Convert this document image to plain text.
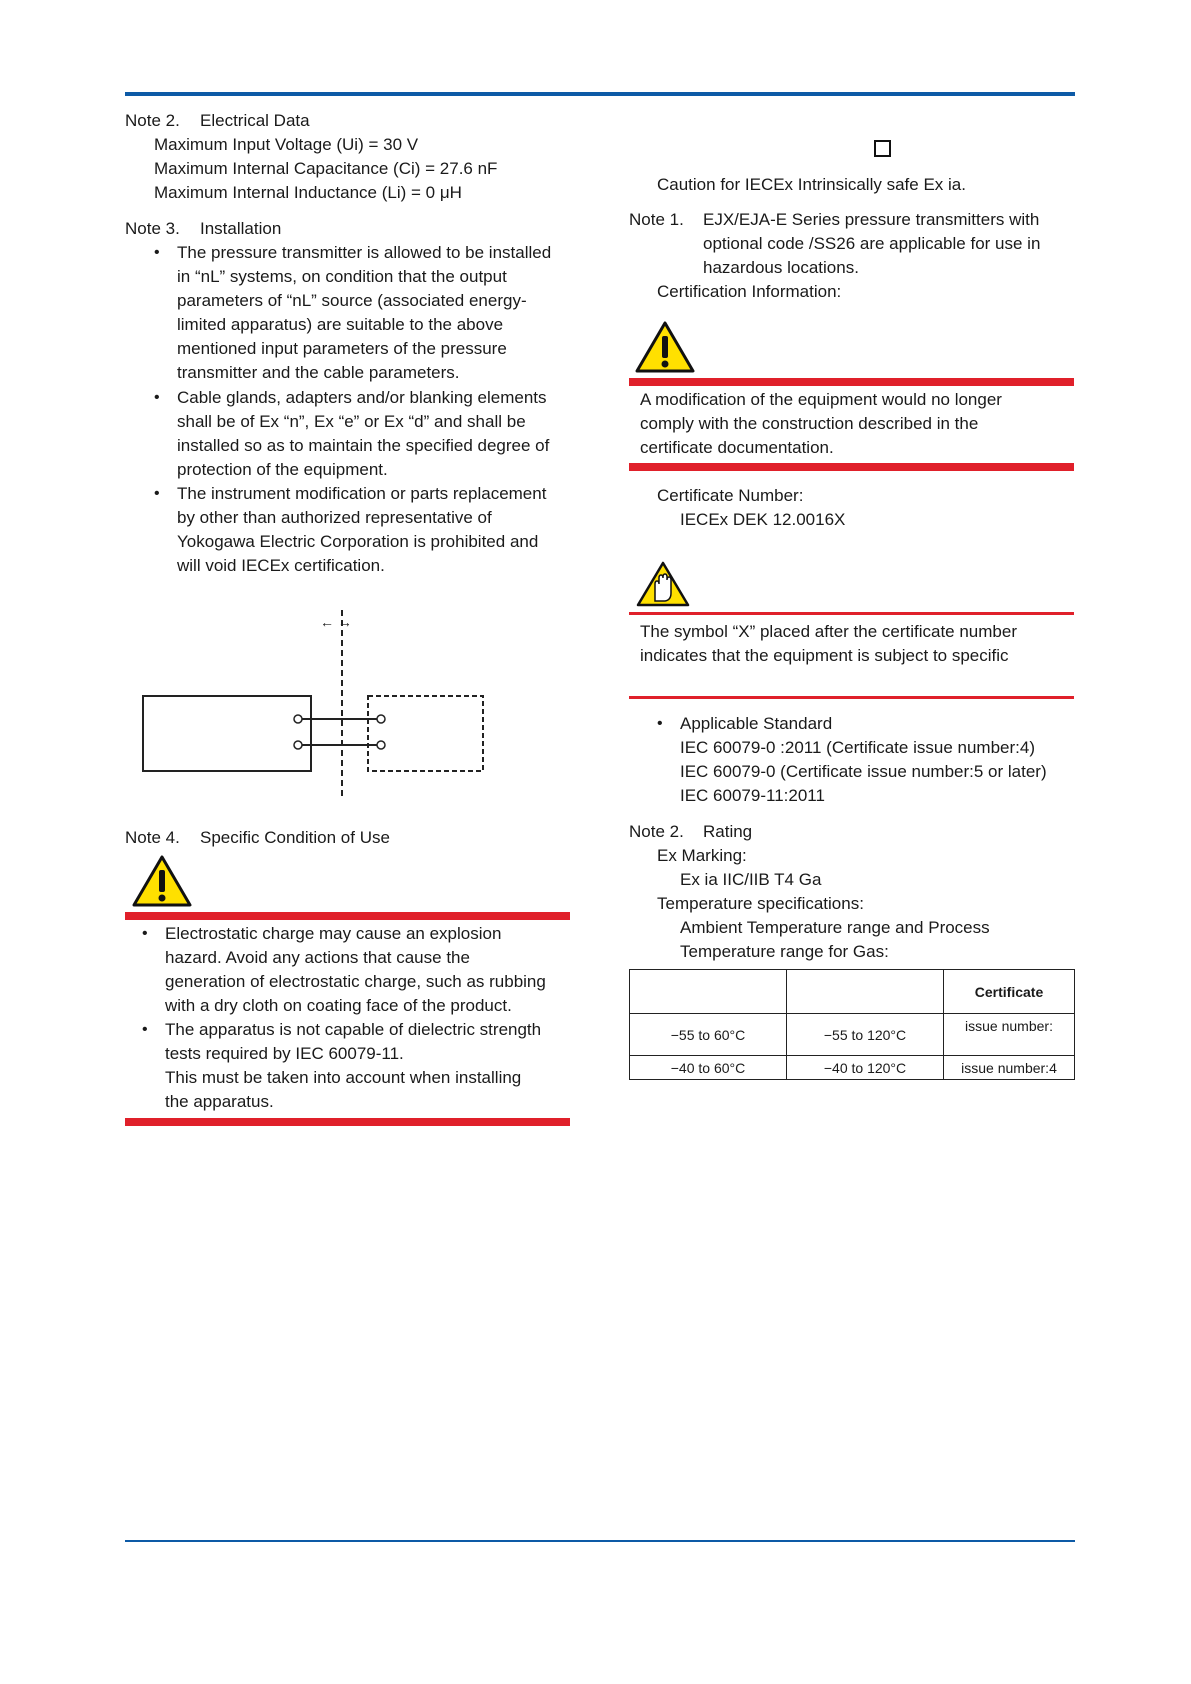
Note 2. Electrical Data
Maximum Input Voltage (Ui) = 30 V
Maximum Internal Capacitance (Ci) = 27.6 nF
Maximum Internal Inductance (Li) = 0 μH
Note 3. Installation
• The pressure transmitter is allowed to be installed
in “nL” systems, on condition that the output
parameters of “nL” source (associated energy-
limited apparatus) are suitable to the above
mentioned input parameters of the pressure
transmitter and the cable parameters.
• Cable glands, adapters and/or blanking elements
shall be of Ex “n”, Ex “e” or Ex “d” and shall be
installed so as to maintain the specified degree of
protection of the equipment.
• The instrument modification or parts replacement
by other than authorized representative of
Yokogawa Electric Corporation is prohibited and
will void IECEx certification.
← →
Note 4. Specific Condition of Use
• Electrostatic charge may cause an explosion
hazard. Avoid any actions that cause the
generation of electrostatic charge, such as rubbing
with a dry cloth on coating face of the product.
• The apparatus is not capable of dielectric strength
tests required by IEC 60079-11.
This must be taken into account when installing
the apparatus.
Caution for IECEx Intrinsically safe Ex ia.
Note 1. EJX/EJA-E Series pressure transmitters with
optional code /SS26 are applicable for use in
hazardous locations.
Certification Information:
A modification of the equipment would no longer
comply with the construction described in the
certificate documentation.
Certificate Number:
IECEx DEK 12.0016X
The symbol “X” placed after the certificate number
indicates that the equipment is subject to specific
• Applicable Standard
IEC 60079-0 :2011 (Certificate issue number:4)
IEC 60079-0 (Certificate issue number:5 or later)
IEC 60079-11:2011
Note 2. Rating
Ex Marking:
Ex ia IIC/IIB T4 Ga
Temperature specifications:
Ambient Temperature range and Process
Temperature range for Gas:
		Certificate
−55 to 60°C	−55 to 120°C	issue number:
−40 to 60°C	−40 to 120°C	issue number:4
